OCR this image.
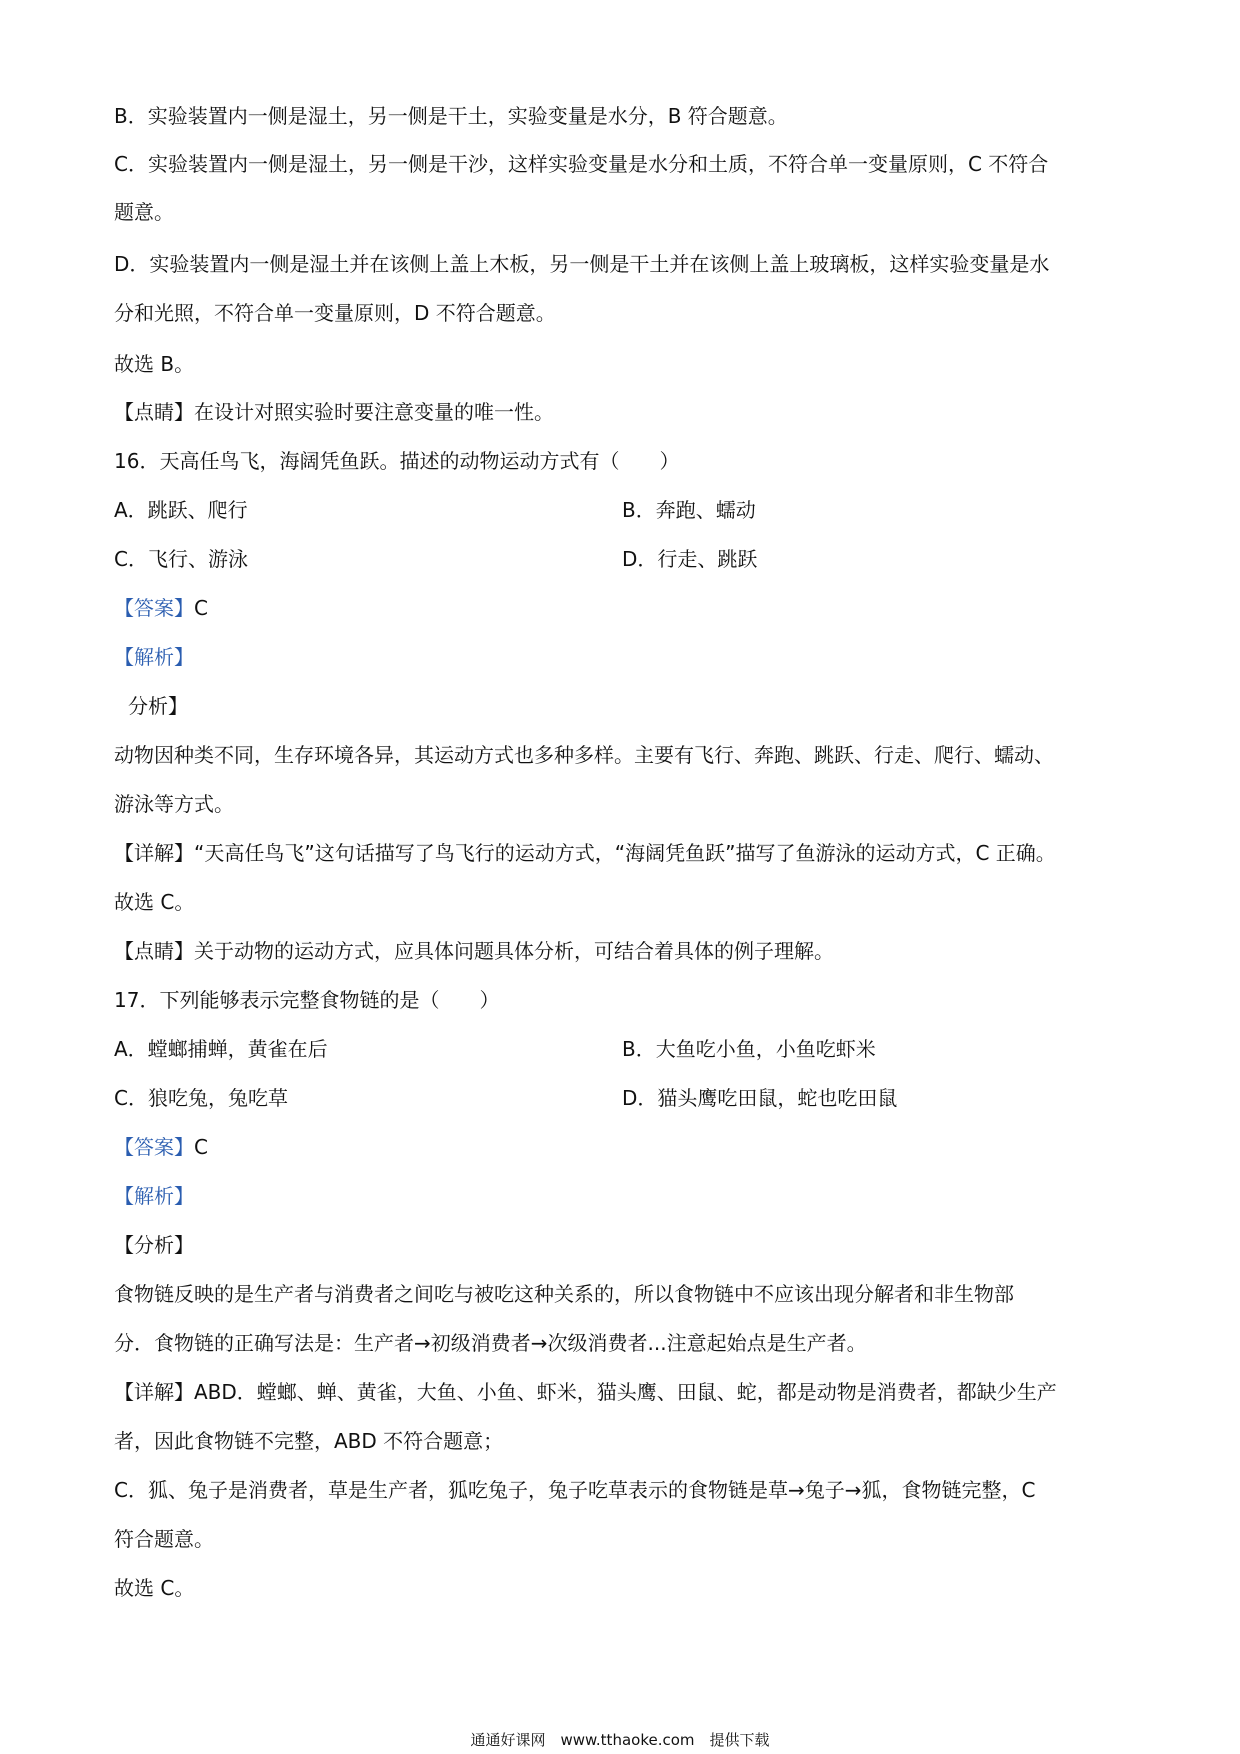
B．实验装置内一侧是湿土，另一侧是干土，实验变量是水分，B 符合题意。
C．实验装置内一侧是湿土，另一侧是干沙，这样实验变量是水分和土质，不符合单一变量原则，C 不符合
题意。
D．实验装置内一侧是湿土并在该侧上盖上木板，另一侧是干土并在该侧上盖上玻璃板，这样实验变量是水
分和光照，不符合单一变量原则，D 不符合题意。
故选 B。
【点睛】在设计对照实验时要注意变量的唯一性。
16．天高任鸟飞，海阔凭鱼跃。描述的动物运动方式有（　　）
A．跳跃、爬行	B．奔跑、蠕动
C．飞行、游泳	D．行走、跳跃
【答案】C
【解析】
分析】
动物因种类不同，生存环境各异，其运动方式也多种多样。主要有飞行、奔跑、跳跃、行走、爬行、蠕动、
游泳等方式。
【详解】“天高任鸟飞”这句话描写了鸟飞行的运动方式，“海阔凭鱼跃”描写了鱼游泳的运动方式，C 正确。
故选 C。
【点睛】关于动物的运动方式，应具体问题具体分析，可结合着具体的例子理解。
17．下列能够表示完整食物链的是（　　）
A．螳螂捕蝉，黄雀在后	B．大鱼吃小鱼，小鱼吃虾米
C．狼吃兔，兔吃草	D．猫头鹰吃田鼠，蛇也吃田鼠
【答案】C
【解析】
【分析】
食物链反映的是生产者与消费者之间吃与被吃这种关系的，所以食物链中不应该出现分解者和非生物部
分．食物链的正确写法是：生产者→初级消费者→次级消费者...注意起始点是生产者。
【详解】ABD．螳螂、蝉、黄雀，大鱼、小鱼、虾米，猫头鹰、田鼠、蛇，都是动物是消费者，都缺少生产
者，因此食物链不完整，ABD 不符合题意；
C．狐、兔子是消费者，草是生产者，狐吃兔子，兔子吃草表示的食物链是草→兔子→狐，食物链完整，C
符合题意。
故选 C。
通通好课网　www.tthaoke.com　提供下载
